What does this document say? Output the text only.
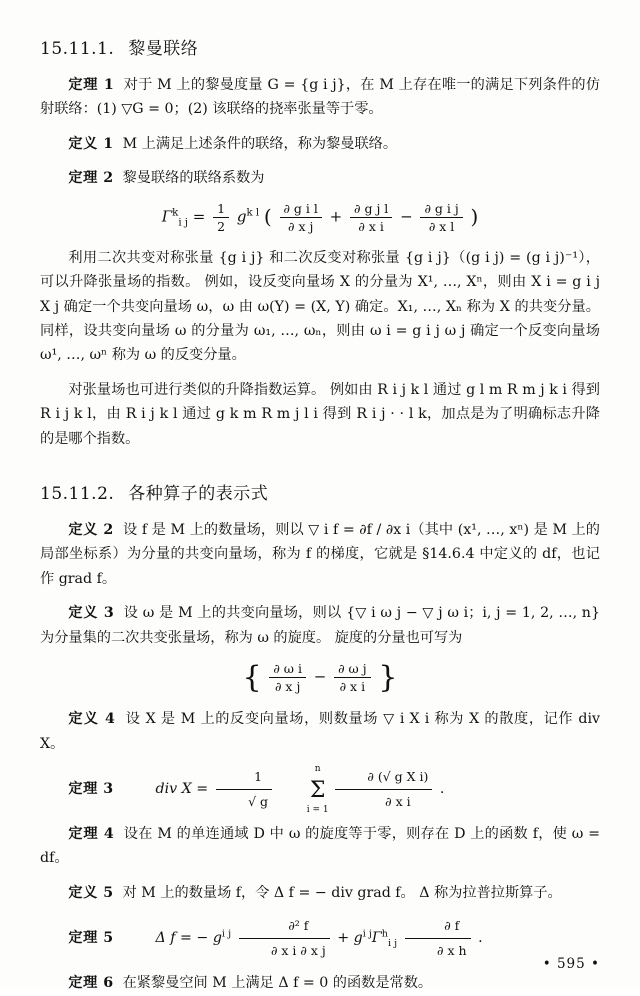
15.11.1. 黎曼联络

定理 1 对于 M 上的黎曼度量 G = {g i j}，在 M 上存在唯一的满足下列条件的仿射联络：(1) ▽G = 0；(2) 该联络的挠率张量等于零。

定义 1 M 上满足上述条件的联络，称为黎曼联络。

定理 2 黎曼联络的联络系数为

$\Gamma^k_{i j} = \frac{1}{2} g^{k l}$ ( $\frac{\text{∂ g i l}}{\text{∂ x j}} + \frac{\text{∂ g j l}}{\text{∂ x i}} - \frac{\text{∂ g i j}}{\text{∂ x l}}$ )

利用二次共变对称张量 {g i j} 和二次反变对称张量 {g i j}（(g i j) = (g i j)⁻¹），可以升降张量场的指数。 例如，设反变向量场 X 的分量为 X¹, …, Xⁿ，则由 X i = g i j X j 确定一个共变向量场 ω，ω 由 ω(Y) = (X, Y) 确定。X₁, …, Xₙ 称为 X 的共变分量。 同样，设共变向量场 ω 的分量为 ω₁, …, ωₙ，则由 ω i = g i j ω j 确定一个反变向量场 ω¹, …, ωⁿ 称为 ω 的反变分量。

对张量场也可进行类似的升降指数运算。 例如由 R i j k l 通过 g l m R m j k i 得到 R i j k l，由 R i j k l 通过 g k m R m j l i 得到 R i j · · l k，加点是为了明确标志升降的是哪个指数。

15.11.2. 各种算子的表示式

定义 2 设 f 是 M 上的数量场，则以 ▽ i f = ∂f / ∂x i（其中 (x¹, …, xⁿ) 是 M 上的局部坐标系）为分量的共变向量场，称为 f 的梯度，它就是 §14.6.4 中定义的 df，也记作 grad f。

定义 3 设 ω 是 M 上的共变向量场，则以 {▽ i ω j − ▽ j ω i；i, j = 1, 2, …, n} 为分量集的二次共变张量场，称为 ω 的旋度。 旋度的分量也可写为

{ $\frac{\text{∂ ω i}}{\text{∂ x j}} - \frac{\text{∂ ω j}}{\text{∂ x i}}$ }

定义 4 设 X 是 M 上的反变向量场，则数量场 ▽ i X i 称为 X 的散度，记作 div X。

定理 3	div $X = \frac{1}{√ g}$
	n
Σ
i = 1
$\frac{\text{∂ (√ g X i)}}{\text{∂ x i}}$ .

定理 4 设在 M 的单连通域 D 中 ω 的旋度等于零，则存在 D 上的函数 f，使 ω = df。

定义 5 对 M 上的数量场 f，令 Δ f = − div grad f。 Δ 称为拉普拉斯算子。

定理 5	Δ f = − $g^{i j} \frac{\text{∂² f}}{\text{∂ x i ∂ x j}} + g^{i j}\Gamma^h_{i j} \frac{\partial f}{\text{∂ x h}}$ .

定理 6 在紧黎曼空间 M 上满足 Δ f = 0 的函数是常数。

• 595 •
